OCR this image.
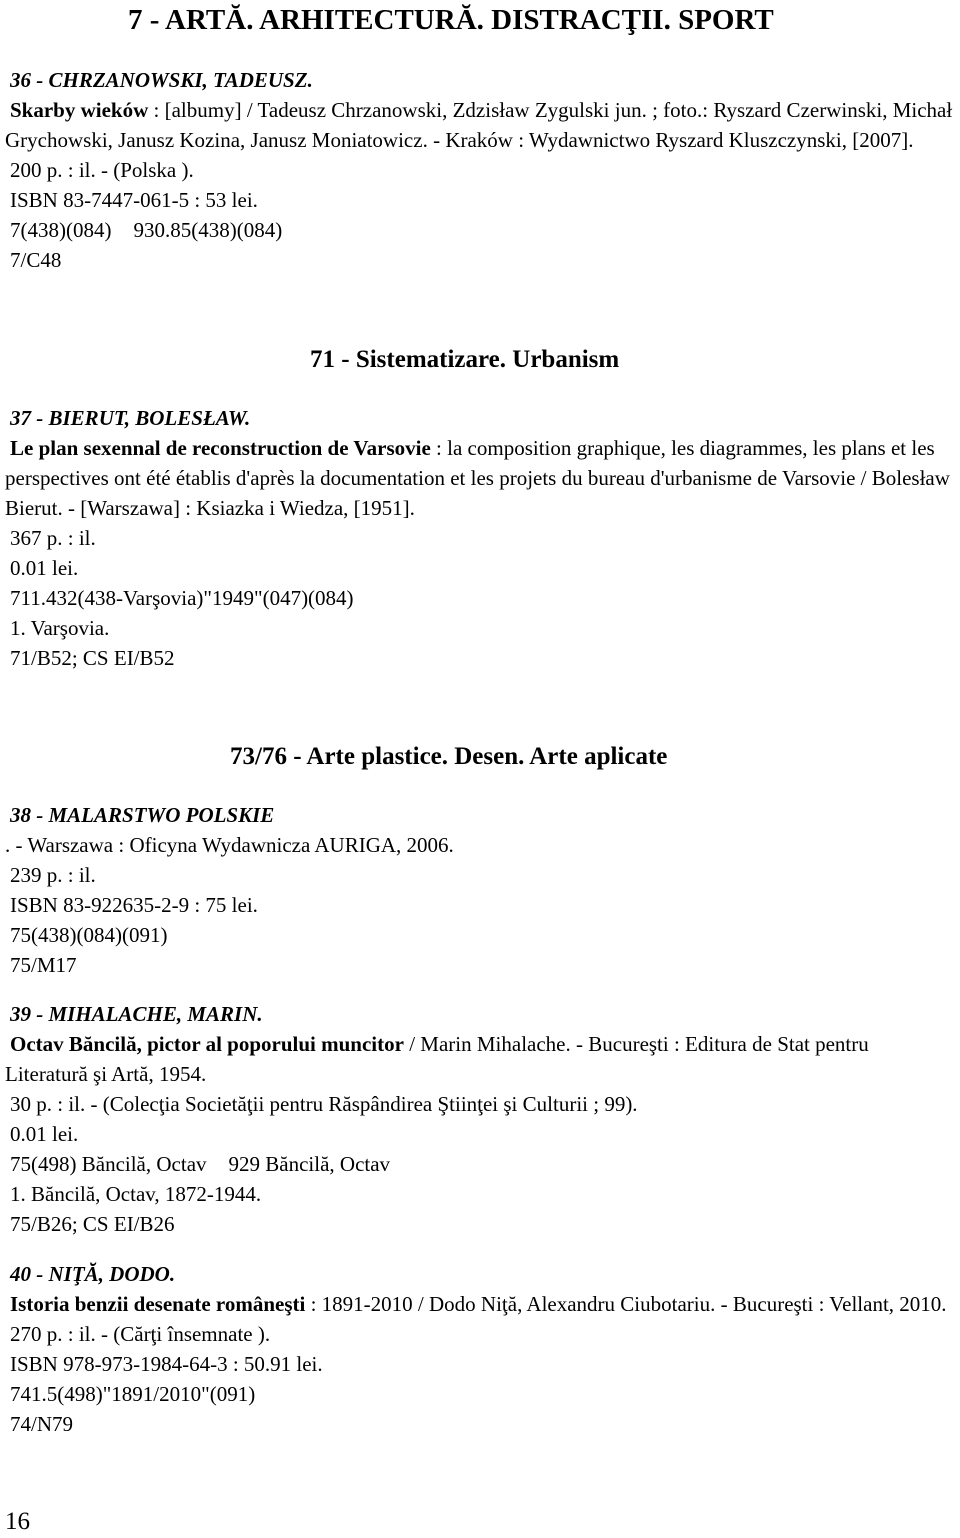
7 - ARTĂ. ARHITECTURĂ. DISTRACŢII. SPORT
36 - CHRZANOWSKI, TADEUSZ.
Skarby wieków : [albumy] / Tadeusz Chrzanowski, Zdzisław Zygulski jun. ; foto.: Ryszard Czerwinski, Michał Grychowski, Janusz Kozina, Janusz Moniatowicz. - Kraków : Wydawnictwo Ryszard Kluszczynski, [2007].
200 p. : il. - (Polska ).
ISBN 83-7447-061-5 : 53 lei.
7(438)(084) 930.85(438)(084)
7/C48
71 - Sistematizare. Urbanism
37 - BIERUT, BOLESŁAW.
Le plan sexennal de reconstruction de Varsovie : la composition graphique, les diagrammes, les plans et les perspectives ont été établis d'après la documentation et les projets du bureau d'urbanisme de Varsovie / Bolesław Bierut. - [Warszawa] : Ksiazka i Wiedza, [1951].
367 p. : il.
0.01 lei.
711.432(438-Varşovia)"1949"(047)(084)
1. Varşovia.
71/B52; CS EI/B52
73/76 - Arte plastice. Desen. Arte aplicate
38 - MALARSTWO POLSKIE
. - Warszawa : Oficyna Wydawnicza AURIGA, 2006.
239 p. : il.
ISBN 83-922635-2-9 : 75 lei.
75(438)(084)(091)
75/M17
39 - MIHALACHE, MARIN.
Octav Băncilă, pictor al poporului muncitor / Marin Mihalache. - Bucureşti : Editura de Stat pentru Literatură şi Artă, 1954.
30 p. : il. - (Colecţia Societăţii pentru Răspândirea Ştiinţei şi Culturii ; 99).
0.01 lei.
75(498) Băncilă, Octav 929 Băncilă, Octav
1. Băncilă, Octav, 1872-1944.
75/B26; CS EI/B26
40 - NIŢĂ, DODO.
Istoria benzii desenate româneşti : 1891-2010 / Dodo Niţă, Alexandru Ciubotariu. - Bucureşti : Vellant, 2010.
270 p. : il. - (Cărţi însemnate ).
ISBN 978-973-1984-64-3 : 50.91 lei.
741.5(498)"1891/2010"(091)
74/N79
16
